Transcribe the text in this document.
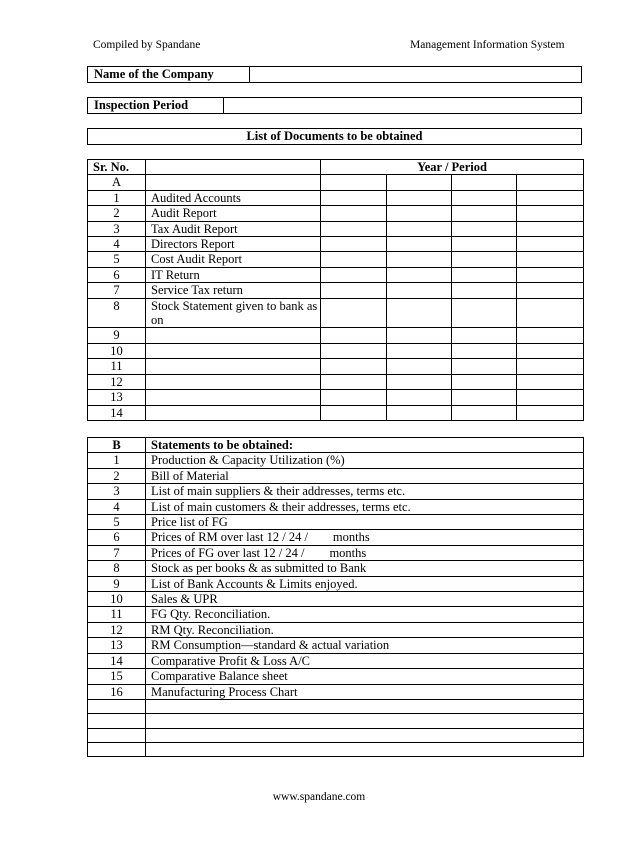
Compiled by Spandane	Management Information System
Name of the Company
Inspection Period
List of Documents to be obtained
Sr. No.		Year / Period			
A					
1	Audited Accounts				
2	Audit Report				
3	Tax Audit Report				
4	Directors Report				
5	Cost Audit Report				
6	IT Return				
7	Service Tax return				
8	Stock Statement given to bank as on				
9					
10					
11					
12					
13					
14					
B	Statements to be obtained:
1	Production & Capacity Utilization (%)
2	Bill of Material
3	List of main suppliers & their addresses, terms etc.
4	List of main customers & their addresses, terms etc.
5	Price list of FG
6	Prices of RM over last 12 / 24 /        months
7	Prices of FG over last 12 / 24 /        months
8	Stock as per books & as submitted to Bank
9	List of Bank Accounts & Limits enjoyed.
10	Sales & UPR
11	FG Qty. Reconciliation.
12	RM Qty. Reconciliation.
13	RM Consumption—standard & actual variation
14	Comparative Profit & Loss A/C
15	Comparative Balance sheet
16	Manufacturing Process Chart

www.spandane.com
